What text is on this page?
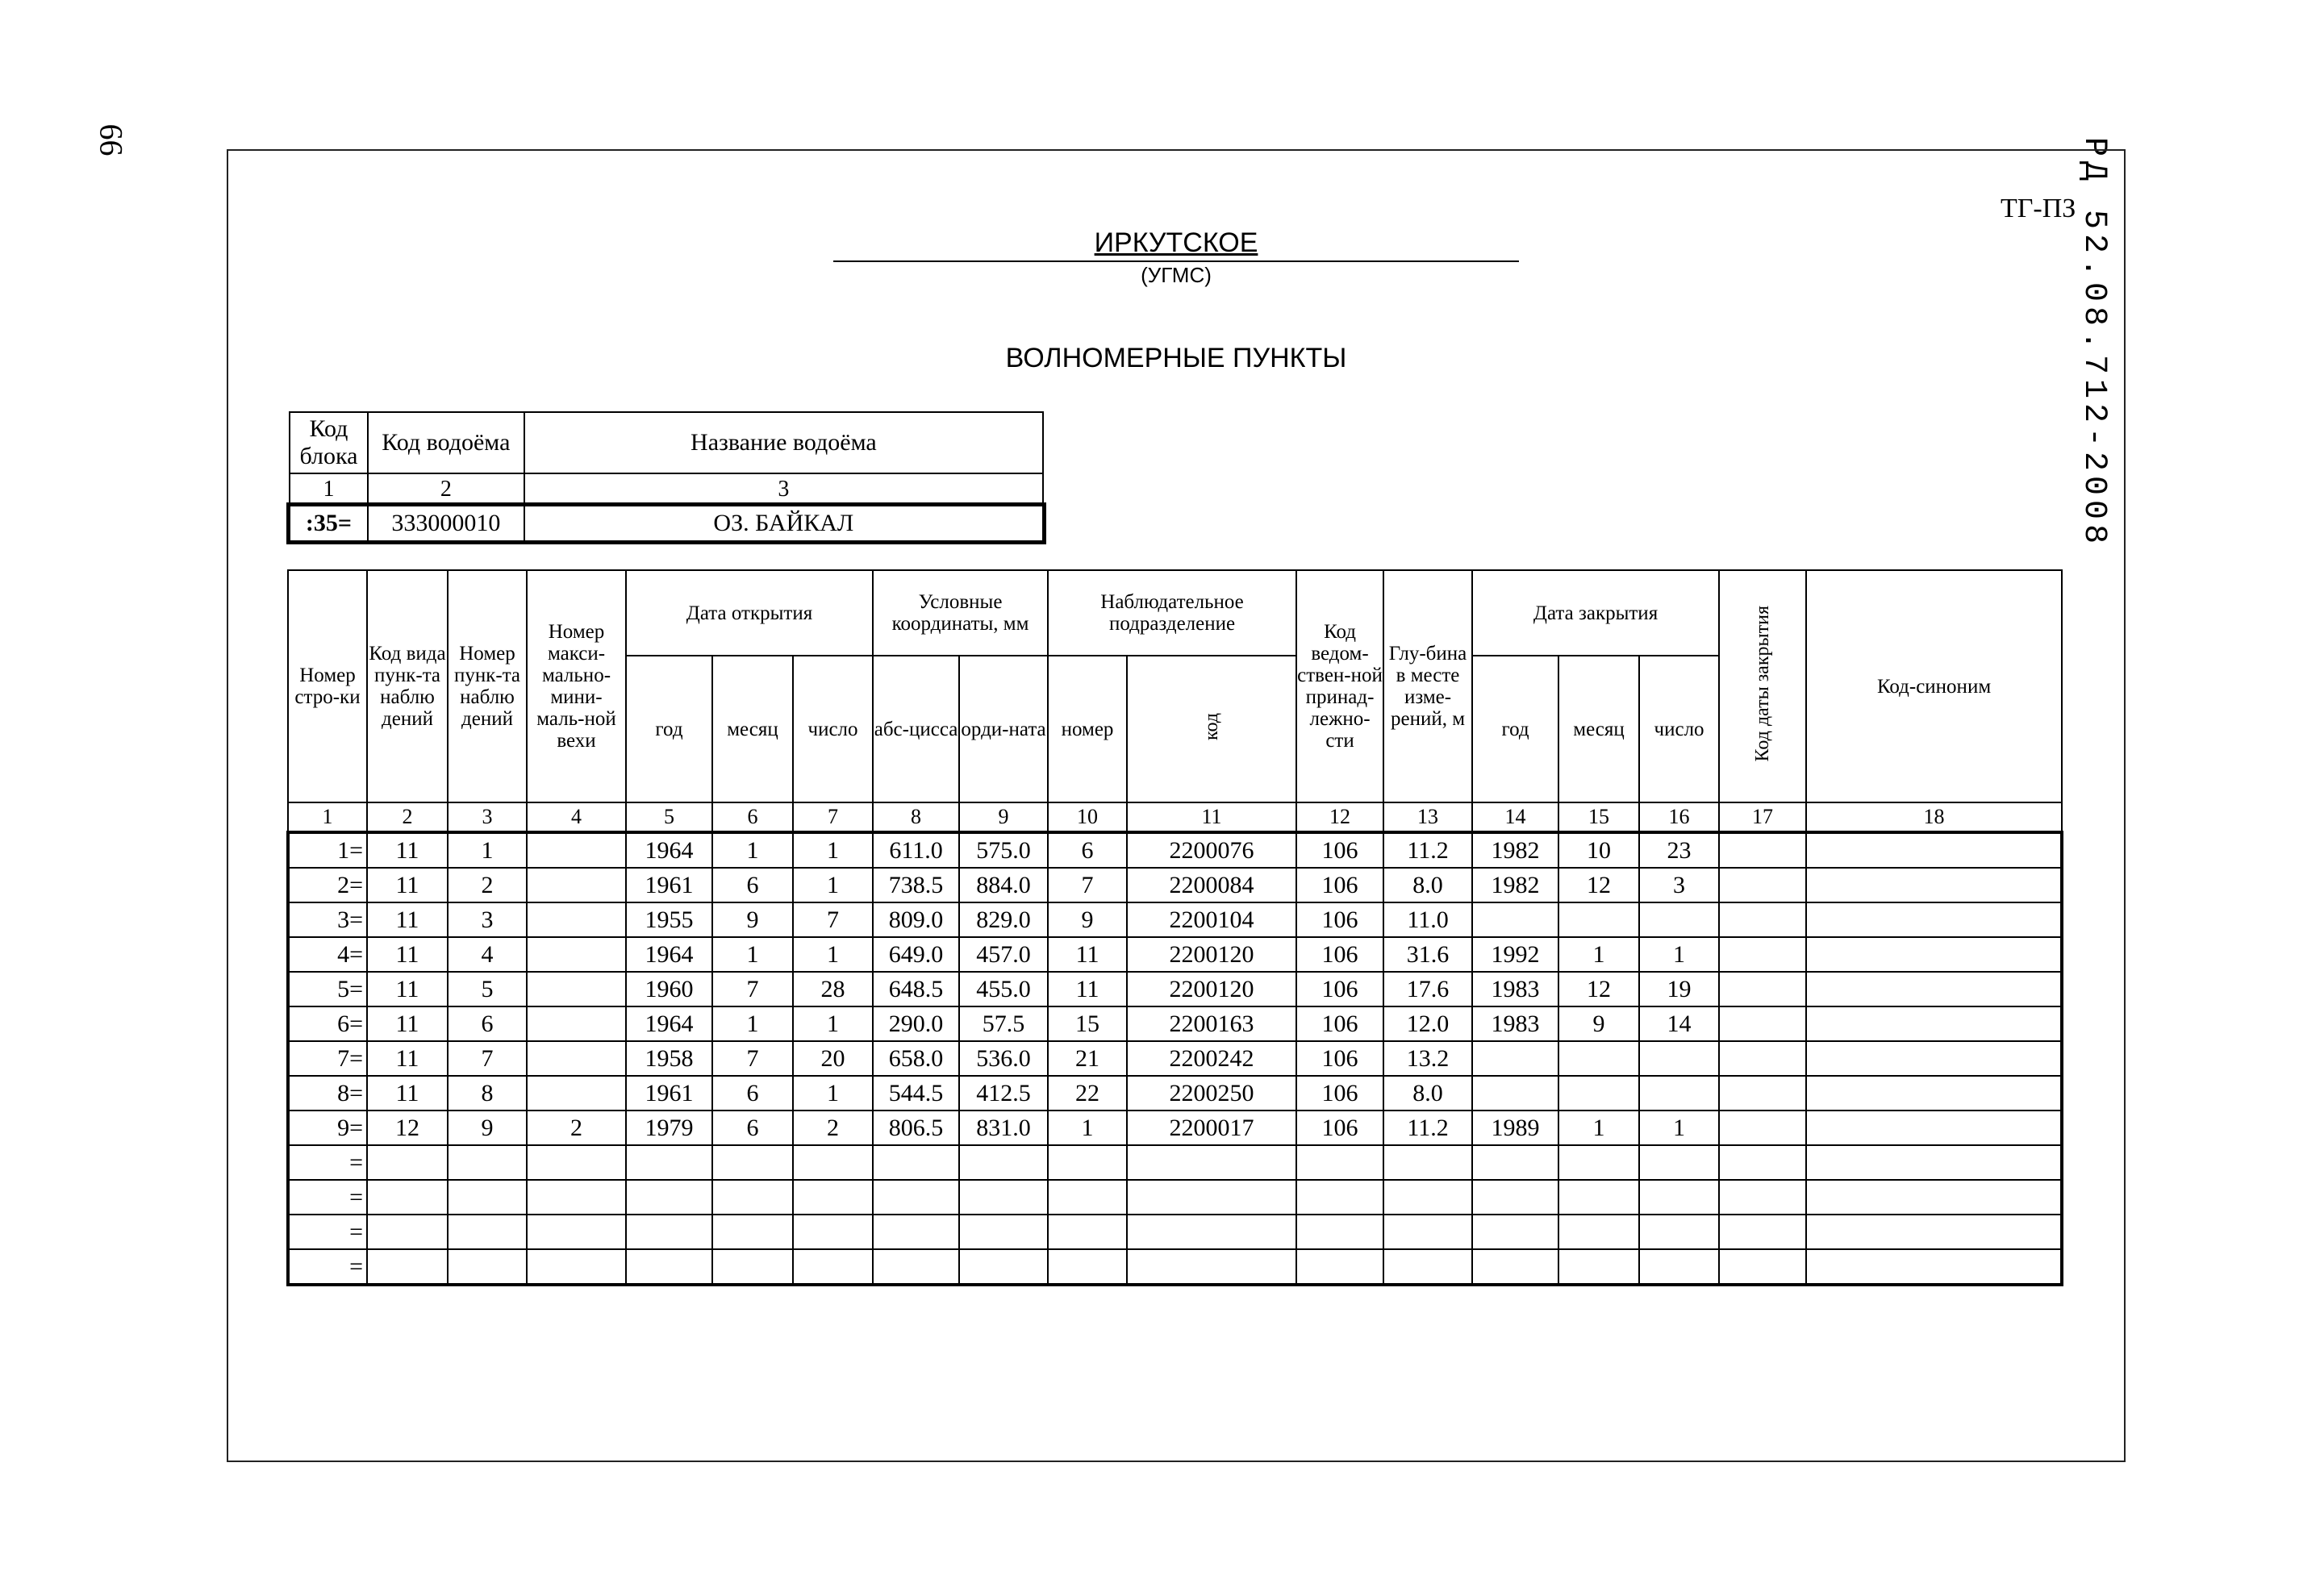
66	РД 52.08.712-2008
ТГ-ПЗ
ИРКУТСКОЕ
(УГМС)
ВОЛНОМЕРНЫЕ ПУНКТЫ
Код блока	Код водоёма	Название водоёма
1	2	3
:35=	333000010	ОЗ. БАЙКАЛ
Номер стро-ки	Код вида пунк-та наблю дений	Номер пунк-та наблю дений	Номер макси-мально-мини-маль-ной вехи	Дата открытия			Условные координаты, мм		Наблюдательное подразделение		Код ведом-ствен-ной принад-лежно-сти	Глу-бина в месте изме-рений, м	Дата закрытия			Код даты закрытия	Код-синоним
				год	месяц	число	абс-цисса	орди-ната	номер	код			год	месяц	число		
1	2	3	4	5	6	7	8	9	10	11	12	13	14	15	16	17	18
1=	11	1		1964	1	1	611.0	575.0	6	2200076	106	11.2	1982	10	23		
2=	11	2		1961	6	1	738.5	884.0	7	2200084	106	8.0	1982	12	3		
3=	11	3		1955	9	7	809.0	829.0	9	2200104	106	11.0					
4=	11	4		1964	1	1	649.0	457.0	11	2200120	106	31.6	1992	1	1		
5=	11	5		1960	7	28	648.5	455.0	11	2200120	106	17.6	1983	12	19		
6=	11	6		1964	1	1	290.0	57.5	15	2200163	106	12.0	1983	9	14		
7=	11	7		1958	7	20	658.0	536.0	21	2200242	106	13.2					
8=	11	8		1961	6	1	544.5	412.5	22	2200250	106	8.0					
9=	12	9	2	1979	6	2	806.5	831.0	1	2200017	106	11.2	1989	1	1		
=																	
=																	
=																	
=																	
